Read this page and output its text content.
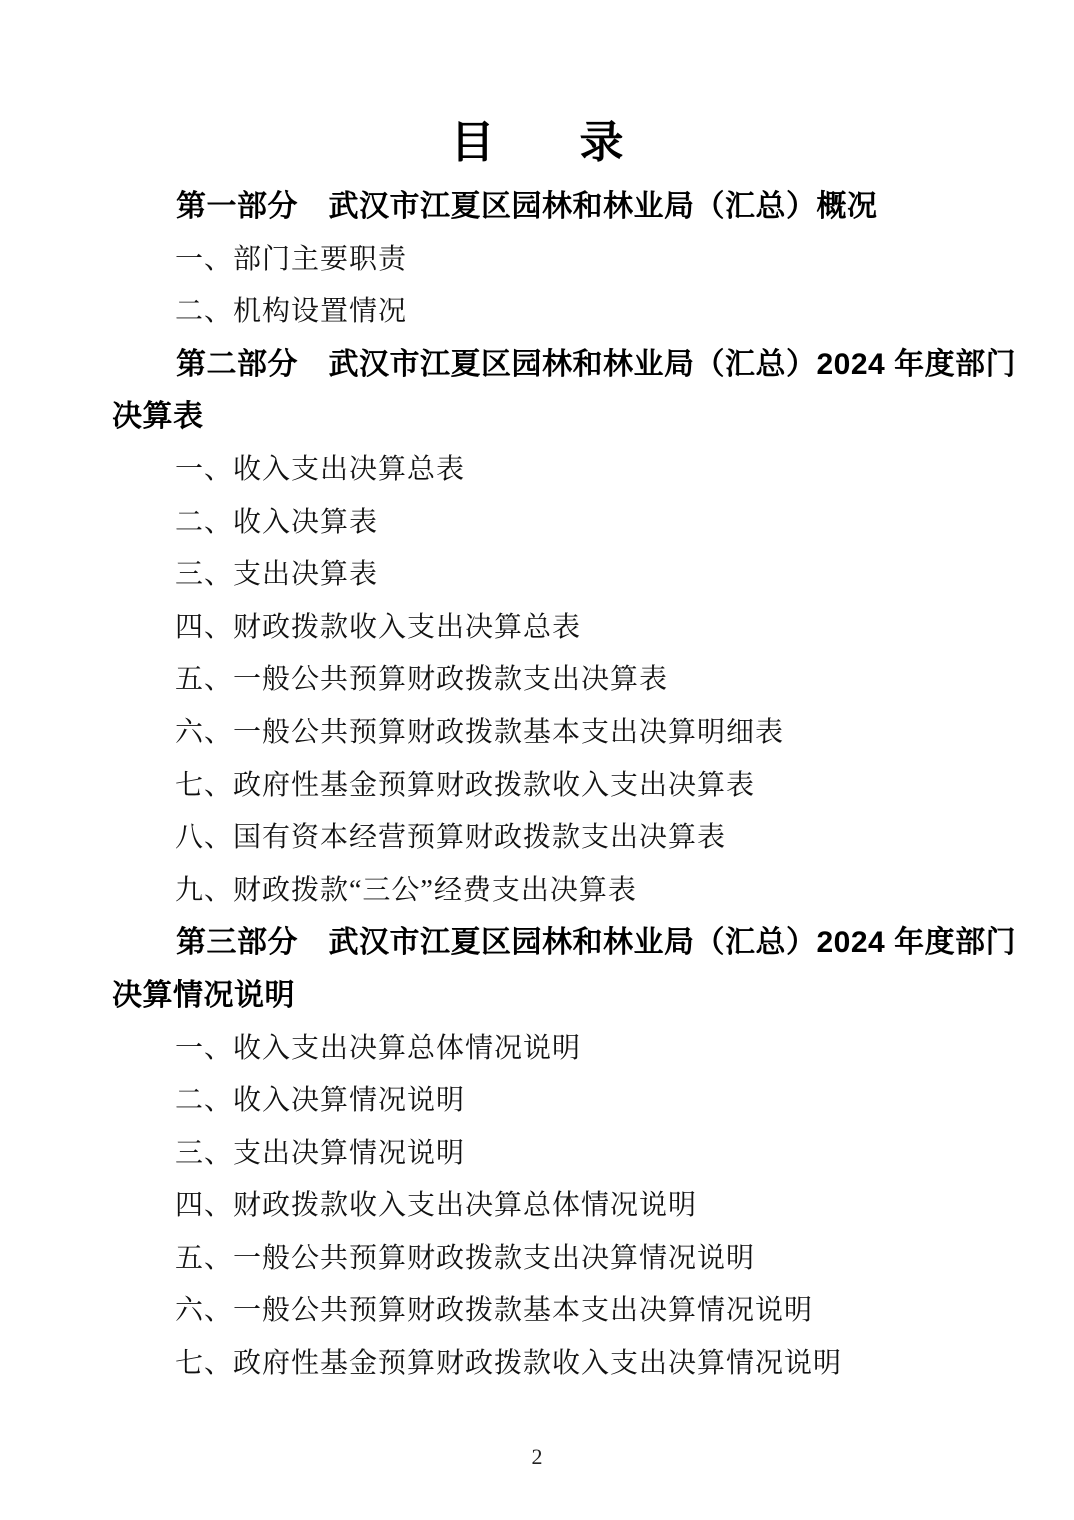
目 录
第一部分　武汉市江夏区园林和林业局（汇总）概况
一、部门主要职责
二、机构设置情况
第二部分　武汉市江夏区园林和林业局（汇总）2024 年度部门
决算表
一、收入支出决算总表
二、收入决算表
三、支出决算表
四、财政拨款收入支出决算总表
五、一般公共预算财政拨款支出决算表
六、一般公共预算财政拨款基本支出决算明细表
七、政府性基金预算财政拨款收入支出决算表
八、国有资本经营预算财政拨款支出决算表
九、财政拨款“三公”经费支出决算表
第三部分　武汉市江夏区园林和林业局（汇总）2024 年度部门
决算情况说明
一、收入支出决算总体情况说明
二、收入决算情况说明
三、支出决算情况说明
四、财政拨款收入支出决算总体情况说明
五、一般公共预算财政拨款支出决算情况说明
六、一般公共预算财政拨款基本支出决算情况说明
七、政府性基金预算财政拨款收入支出决算情况说明
2
